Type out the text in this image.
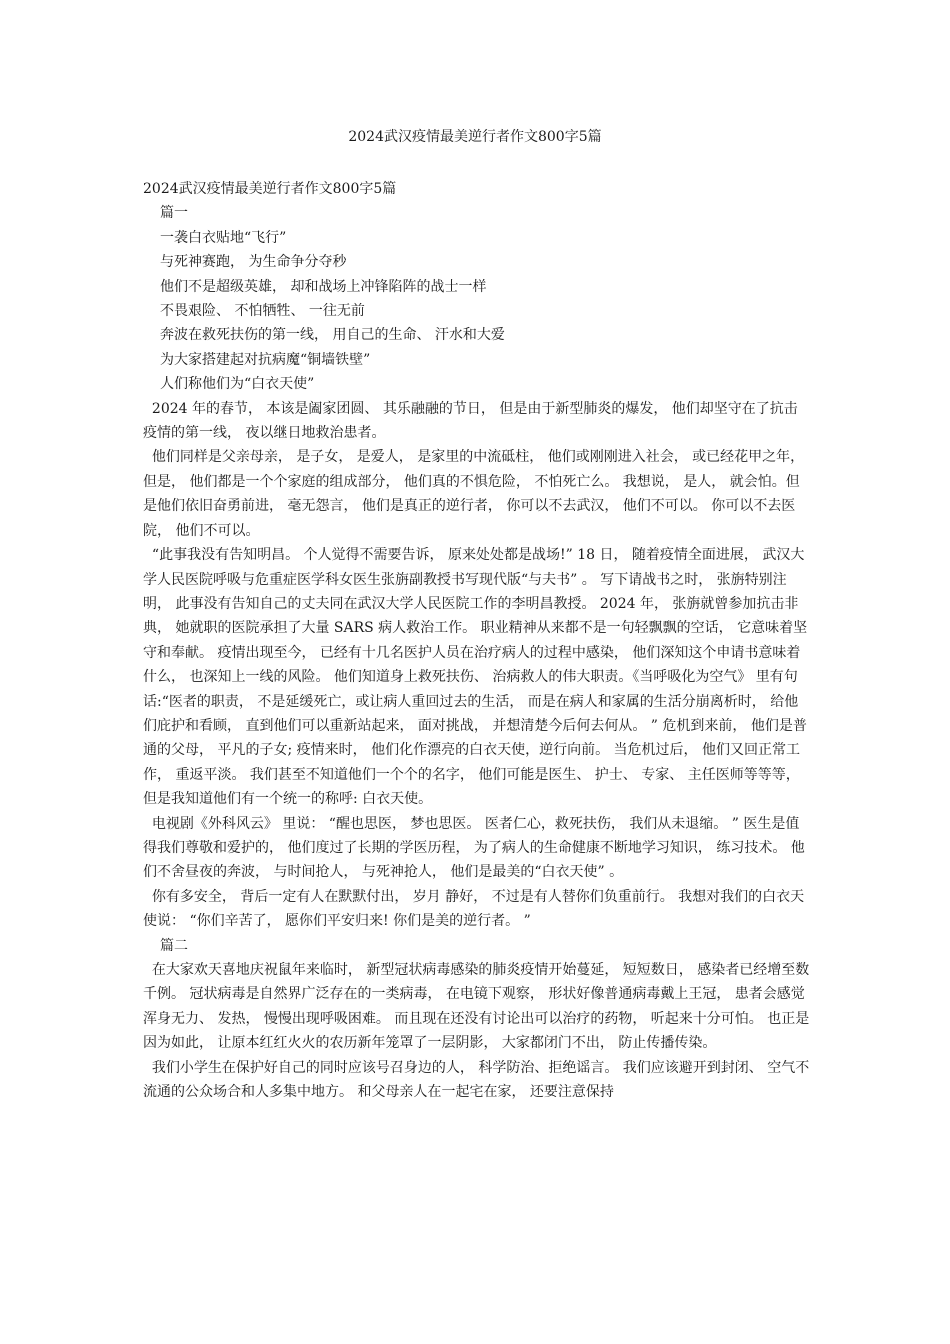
2024武汉疫情最美逆行者作文800字5篇

2024武汉疫情最美逆行者作文800字5篇

篇一

一袭白衣贴地“飞行”

与死神赛跑， 为生命争分夺秒

他们不是超级英雄， 却和战场上冲锋陷阵的战士一样

不畏艰险、 不怕牺牲、 一往无前

奔波在救死扶伤的第一线， 用自己的生命、 汗水和大爱

为大家搭建起对抗病魔“铜墙铁壁”

人们称他们为“白衣天使”

2024 年的春节， 本该是阖家团圆、 其乐融融的节日， 但是由于新型肺炎的爆发， 他们却坚守在了抗击疫情的第一线， 夜以继日地救治患者。

他们同样是父亲母亲， 是子女， 是爱人， 是家里的中流砥柱， 他们或刚刚进入社会， 或已经花甲之年， 但是， 他们都是一个个家庭的组成部分， 他们真的不惧危险， 不怕死亡么。 我想说， 是人， 就会怕。但是他们依旧奋勇前进， 毫无怨言， 他们是真正的逆行者， 你可以不去武汉， 他们不可以。 你可以不去医院， 他们不可以。

“此事我没有告知明昌。 个人觉得不需要告诉， 原来处处都是战场!” 18 日， 随着疫情全面进展， 武汉大学人民医院呼吸与危重症医学科女医生张旃副教授书写现代版“与夫书” 。 写下请战书之时， 张旃特别注明， 此事没有告知自己的丈夫同在武汉大学人民医院工作的李明昌教授。 2024 年， 张旃就曾参加抗击非典， 她就职的医院承担了大量 SARS 病人救治工作。 职业精神从来都不是一句轻飘飘的空话， 它意味着坚守和奉献。 疫情出现至今， 已经有十几名医护人员在治疗病人的过程中感染， 他们深知这个申请书意味着什么， 也深知上一线的风险。 他们知道身上救死扶伤、 治病救人的伟大职责。《当呼吸化为空气》 里有句话:“医者的职责， 不是延缓死亡，或让病人重回过去的生活， 而是在病人和家属的生活分崩离析时， 给他们庇护和看顾， 直到他们可以重新站起来， 面对挑战， 并想清楚今后何去何从。 ” 危机到来前， 他们是普通的父母， 平凡的子女; 疫情来时， 他们化作漂亮的白衣天使，逆行向前。 当危机过后， 他们又回正常工作， 重返平淡。 我们甚至不知道他们一个个的名字， 他们可能是医生、 护士、 专家、 主任医师等等等， 但是我知道他们有一个统一的称呼: 白衣天使。

电视剧《外科风云》 里说： “醒也思医， 梦也思医。 医者仁心，救死扶伤， 我们从未退缩。 ” 医生是值得我们尊敬和爱护的， 他们度过了长期的学医历程， 为了病人的生命健康不断地学习知识， 练习技术。 他们不舍昼夜的奔波， 与时间抢人， 与死神抢人， 他们是最美的“白衣天使” 。

你有多安全， 背后一定有人在默默付出， 岁月 静好， 不过是有人替你们负重前行。 我想对我们的白衣天使说： “你们辛苦了， 愿你们平安归来! 你们是美的逆行者。 ”

篇二

在大家欢天喜地庆祝鼠年来临时， 新型冠状病毒感染的肺炎疫情开始蔓延， 短短数日， 感染者已经增至数千例。 冠状病毒是自然界广泛存在的一类病毒， 在电镜下观察， 形状好像普通病毒戴上王冠， 患者会感觉浑身无力、 发热， 慢慢出现呼吸困难。 而且现在还没有讨论出可以治疗的药物， 听起来十分可怕。 也正是因为如此， 让原本红红火火的农历新年笼罩了一层阴影， 大家都闭门不出， 防止传播传染。

我们小学生在保护好自己的同时应该号召身边的人， 科学防治、拒绝谣言。 我们应该避开到封闭、 空气不流通的公众场合和人多集中地方。 和父母亲人在一起宅在家， 还要注意保持
